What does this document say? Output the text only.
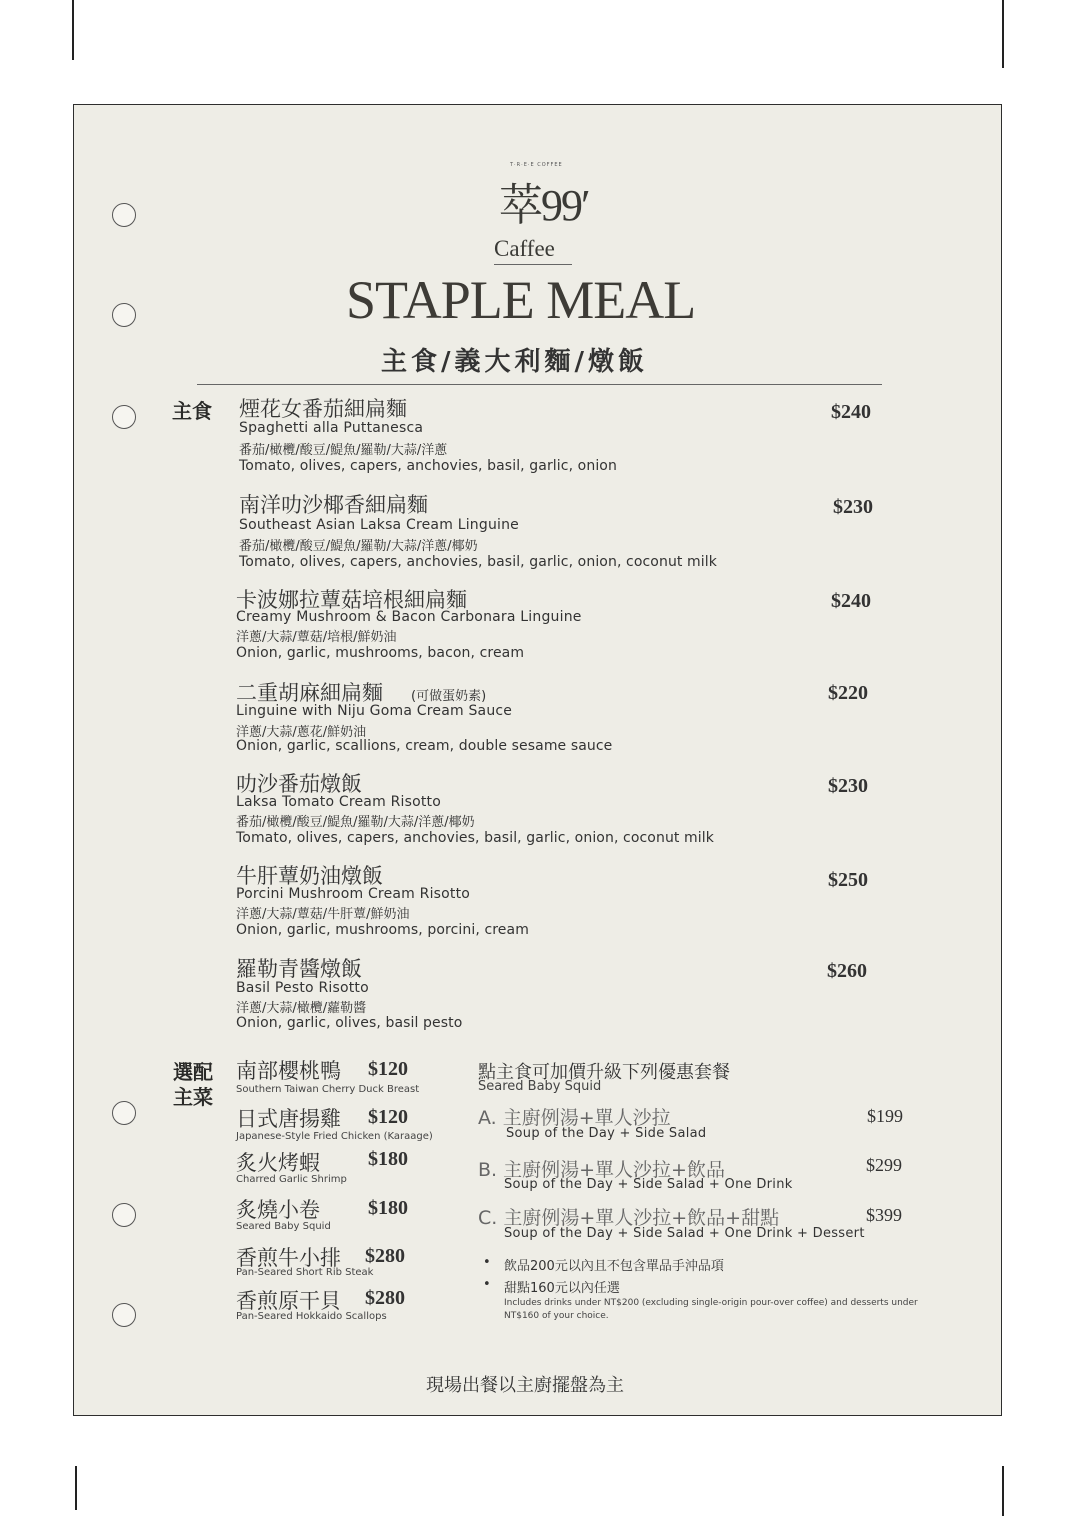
T·R·E·E COFFEE
萃99′
Caffee
STAPLE MEAL
主食/義大利麵/燉飯
主食
選配
主菜
煙花女番茄細扁麵
Spaghetti alla Puttanesca
番茄/橄欖/酸豆/鯷魚/羅勒/大蒜/洋蔥
Tomato, olives, capers, anchovies, basil, garlic, onion
$240
南洋叻沙椰香細扁麵
Southeast Asian Laksa Cream Linguine
番茄/橄欖/酸豆/鯷魚/羅勒/大蒜/洋蔥/椰奶
Tomato, olives, capers, anchovies, basil, garlic, onion, coconut milk
$230
卡波娜拉蕈菇培根細扁麵
Creamy Mushroom & Bacon Carbonara Linguine
洋蔥/大蒜/蕈菇/培根/鮮奶油
Onion, garlic, mushrooms, bacon, cream
$240
二重胡麻細扁麵 (可做蛋奶素)
Linguine with Niju Goma Cream Sauce
洋蔥/大蒜/蔥花/鮮奶油
Onion, garlic, scallions, cream, double sesame sauce
$220
叻沙番茄燉飯
Laksa Tomato Cream Risotto
番茄/橄欖/酸豆/鯷魚/羅勒/大蒜/洋蔥/椰奶
Tomato, olives, capers, anchovies, basil, garlic, onion, coconut milk
$230
牛肝蕈奶油燉飯
Porcini Mushroom Cream Risotto
洋蔥/大蒜/蕈菇/牛肝蕈/鮮奶油
Onion, garlic, mushrooms, porcini, cream
$250
羅勒青醬燉飯
Basil Pesto Risotto
洋蔥/大蒜/橄欖/蘿勒醬
Onion, garlic, olives, basil pesto
$260
南部櫻桃鴨 $120
Southern Taiwan Cherry Duck Breast
日式唐揚雞 $120
Japanese-Style Fried Chicken (Karaage)
炙火烤蝦 $180
Charred Garlic Shrimp
炙燒小卷 $180
Seared Baby Squid
香煎牛小排 $280
Pan-Seared Short Rib Steak
香煎原干貝 $280
Pan-Seared Hokkaido Scallops
點主食可加價升級下列優惠套餐
Seared Baby Squid
A. 主廚例湯+單人沙拉
Soup of the Day + Side Salad
$199
B. 主廚例湯+單人沙拉+飲品
Soup of the Day + Side Salad + One Drink
$299
C. 主廚例湯+單人沙拉+飲品+甜點
Soup of the Day + Side Salad + One Drink + Dessert
$399
• 飲品200元以內且不包含單品手沖品項
• 甜點160元以內任選
Includes drinks under NT$200 (excluding single-origin pour-over coffee) and desserts under NT$160 of your choice.
現場出餐以主廚擺盤為主
